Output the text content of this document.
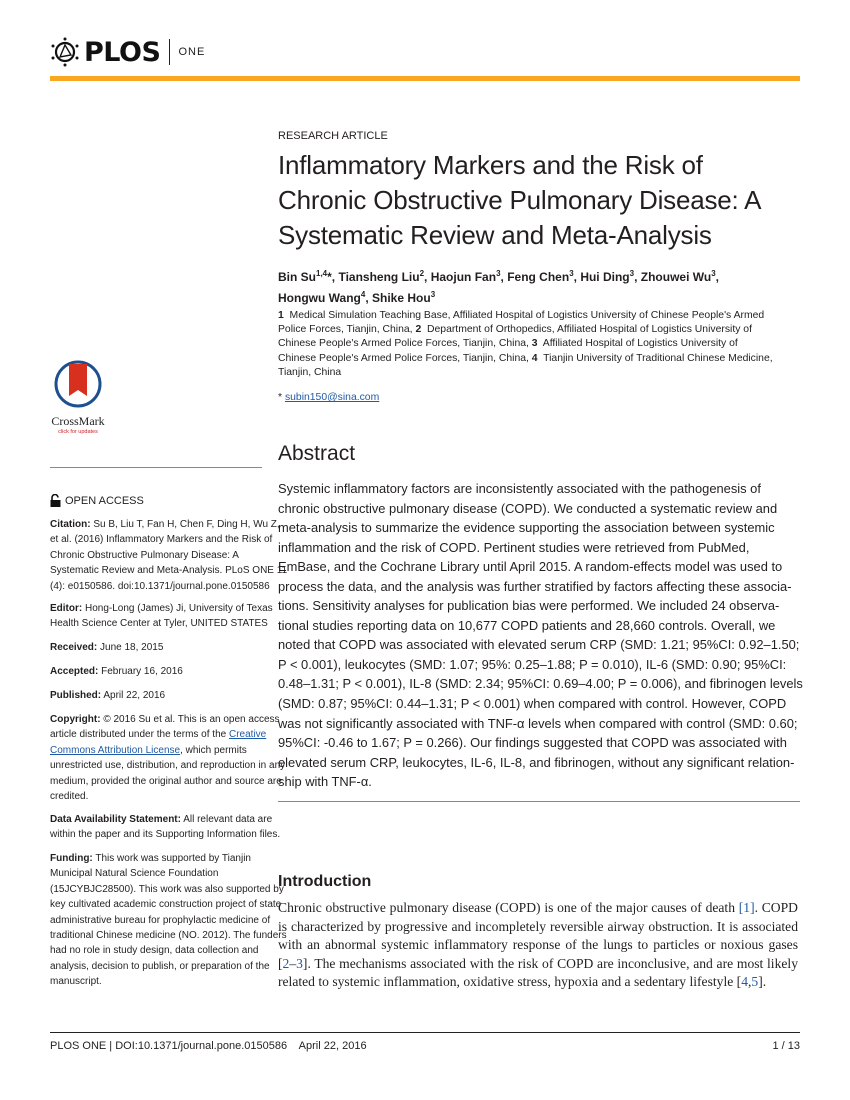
PLOS ONE
RESEARCH ARTICLE
Inflammatory Markers and the Risk of
Chronic Obstructive Pulmonary Disease: A
Systematic Review and Meta-Analysis
Bin Su$^{1,4}$*, Tiansheng Liu$^2$, Haojun Fan$^3$, Feng Chen$^3$, Hui Ding$^3$, Zhouwei Wu$^3$,
Hongwu Wang$^4$, Shike Hou$^3$
1  Medical Simulation Teaching Base, Affiliated Hospital of Logistics University of Chinese People's Armed
Police Forces, Tianjin, China, 2  Department of Orthopedics, Affiliated Hospital of Logistics University of
Chinese People's Armed Police Forces, Tianjin, China, 3  Affiliated Hospital of Logistics University of
Chinese People's Armed Police Forces, Tianjin, China, 4  Tianjin University of Traditional Chinese Medicine,
Tianjin, China
* subin150@sina.com
CrossMark
click for updates
OPEN ACCESS
Citation: Su B, Liu T, Fan H, Chen F, Ding H, Wu Z,
et al. (2016) Inflammatory Markers and the Risk of
Chronic Obstructive Pulmonary Disease: A
Systematic Review and Meta-Analysis. PLoS ONE 11
(4): e0150586. doi:10.1371/journal.pone.0150586
Editor: Hong-Long (James) Ji, University of Texas
Health Science Center at Tyler, UNITED STATES
Received: June 18, 2015
Accepted: February 16, 2016
Published: April 22, 2016
Copyright: © 2016 Su et al. This is an open access
article distributed under the terms of the Creative
Commons Attribution License, which permits
unrestricted use, distribution, and reproduction in any
medium, provided the original author and source are
credited.
Data Availability Statement: All relevant data are
within the paper and its Supporting Information files.
Funding: This work was supported by Tianjin
Municipal Natural Science Foundation
(15JCYBJC28500). This work was also supported by
key cultivated academic construction project of state
administrative bureau for prophylactic medicine of
traditional Chinese medicine (NO. 2012). The funders
had no role in study design, data collection and
analysis, decision to publish, or preparation of the
manuscript.
Abstract
Systemic inflammatory factors are inconsistently associated with the pathogenesis of
chronic obstructive pulmonary disease (COPD). We conducted a systematic review and
meta-analysis to summarize the evidence supporting the association between systemic
inflammation and the risk of COPD. Pertinent studies were retrieved from PubMed,
EmBase, and the Cochrane Library until April 2015. A random-effects model was used to
process the data, and the analysis was further stratified by factors affecting these associa-
tions. Sensitivity analyses for publication bias were performed. We included 24 observa-
tional studies reporting data on 10,677 COPD patients and 28,660 controls. Overall, we
noted that COPD was associated with elevated serum CRP (SMD: 1.21; 95%CI: 0.92–1.50;
P < 0.001), leukocytes (SMD: 1.07; 95%: 0.25–1.88; P = 0.010), IL-6 (SMD: 0.90; 95%CI:
0.48–1.31; P < 0.001), IL-8 (SMD: 2.34; 95%CI: 0.69–4.00; P = 0.006), and fibrinogen levels
(SMD: 0.87; 95%CI: 0.44–1.31; P < 0.001) when compared with control. However, COPD
was not significantly associated with TNF-α levels when compared with control (SMD: 0.60;
95%CI: -0.46 to 1.67; P = 0.266). Our findings suggested that COPD was associated with
elevated serum CRP, leukocytes, IL-6, IL-8, and fibrinogen, without any significant relation-
ship with TNF-α.
Introduction
Chronic obstructive pulmonary disease (COPD) is one of the major causes of death [1]. COPD
is characterized by progressive and incompletely reversible airway obstruction. It is associated
with an abnormal systemic inflammatory response of the lungs to particles or noxious gases
[2–3]. The mechanisms associated with the risk of COPD are inconclusive, and are most likely
related to systemic inflammation, oxidative stress, hypoxia and a sedentary lifestyle [4,5].
PLOS ONE | DOI:10.1371/journal.pone.0150586    April 22, 2016	1 / 13
